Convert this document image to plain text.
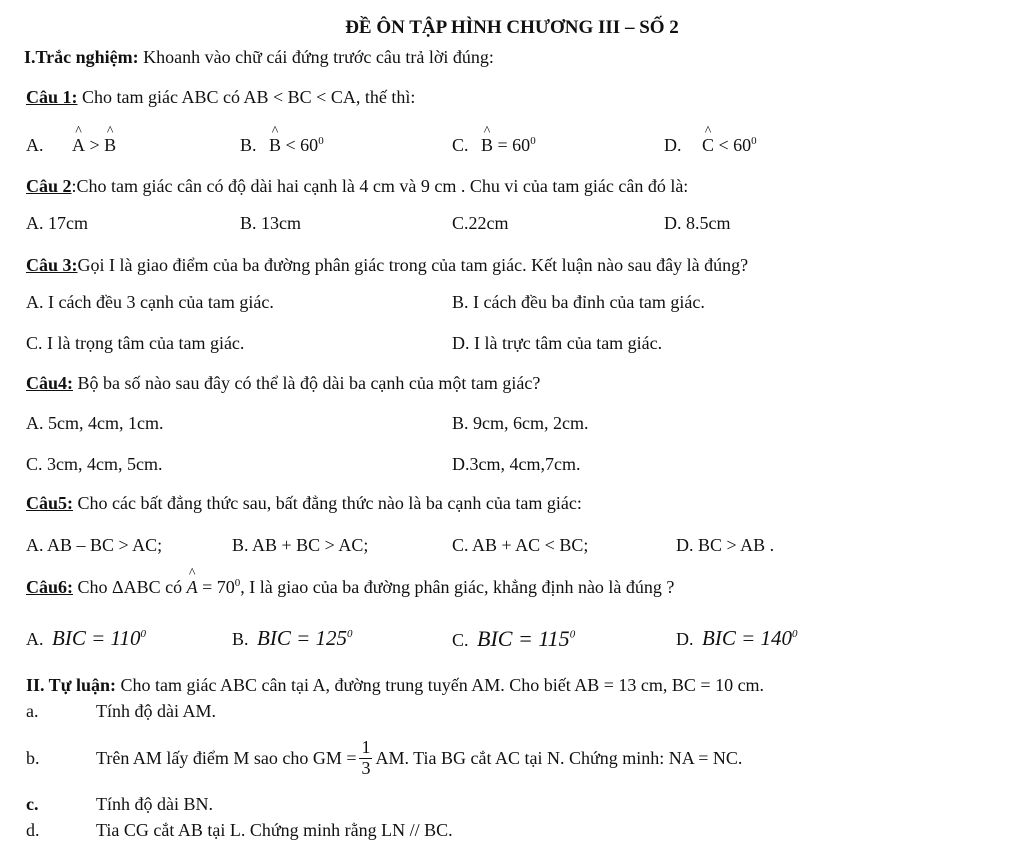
ĐỀ ÔN TẬP HÌNH CHƯƠNG III – SỐ 2
I.Trắc nghiệm: Khoanh vào chữ cái đứng trước câu trả lời đúng:
Câu 1: Cho tam giác ABC có AB < BC < CA, thế thì:
A. ^ A > ^ B	B. ^ $B < 60^0$	C. ^ $B = 60^0$	D. ^ $C < 60^0$
Câu 2:Cho tam giác cân có độ dài hai cạnh là 4 cm và 9 cm . Chu vi của tam giác cân đó là:
A. 17cm	B. 13cm	C.22cm	D. 8.5cm
Câu 3:Gọi I là giao điểm của ba đường phân giác trong của tam giác. Kết luận nào sau đây là đúng?
A. I cách đều 3 cạnh của tam giác.	B. I cách đều ba đỉnh của tam giác.
C. I là trọng tâm của tam giác.	D. I là trực tâm của tam giác.
Câu4: Bộ ba số nào sau đây có thể là độ dài ba cạnh của một tam giác?
A. 5cm, 4cm, 1cm.	B. 9cm, 6cm, 2cm.
C. 3cm, 4cm, 5cm.	D.3cm, 4cm,7cm.
Câu5: Cho các bất đẳng thức sau, bất đẳng thức nào là ba cạnh của tam giác:
A. AB – BC > AC;	B. AB + BC > AC;	C. AB + AC < BC;	D. BC > AB .
Câu6: Cho ΔABC có ^ $A = 70^0$, I là giao của ba đường phân giác, khẳng định nào là đúng ?
A. BIC = $110^0$	B. BIC = $125^0$	C. BIC = $115^0$	D. BIC = $140^0$
II. Tự luận: Cho tam giác ABC cân tại A, đường trung tuyến AM. Cho biết AB = 13 cm, BC = 10 cm.
a.	Tính độ dài AM.
b.	Trên AM lấy điểm M sao cho GM = $\frac{1}{3}$ AM. Tia BG cắt AC tại N. Chứng minh: NA = NC.
c.	Tính độ dài BN.
d.	Tia CG cắt AB tại L. Chứng minh rằng LN // BC.
